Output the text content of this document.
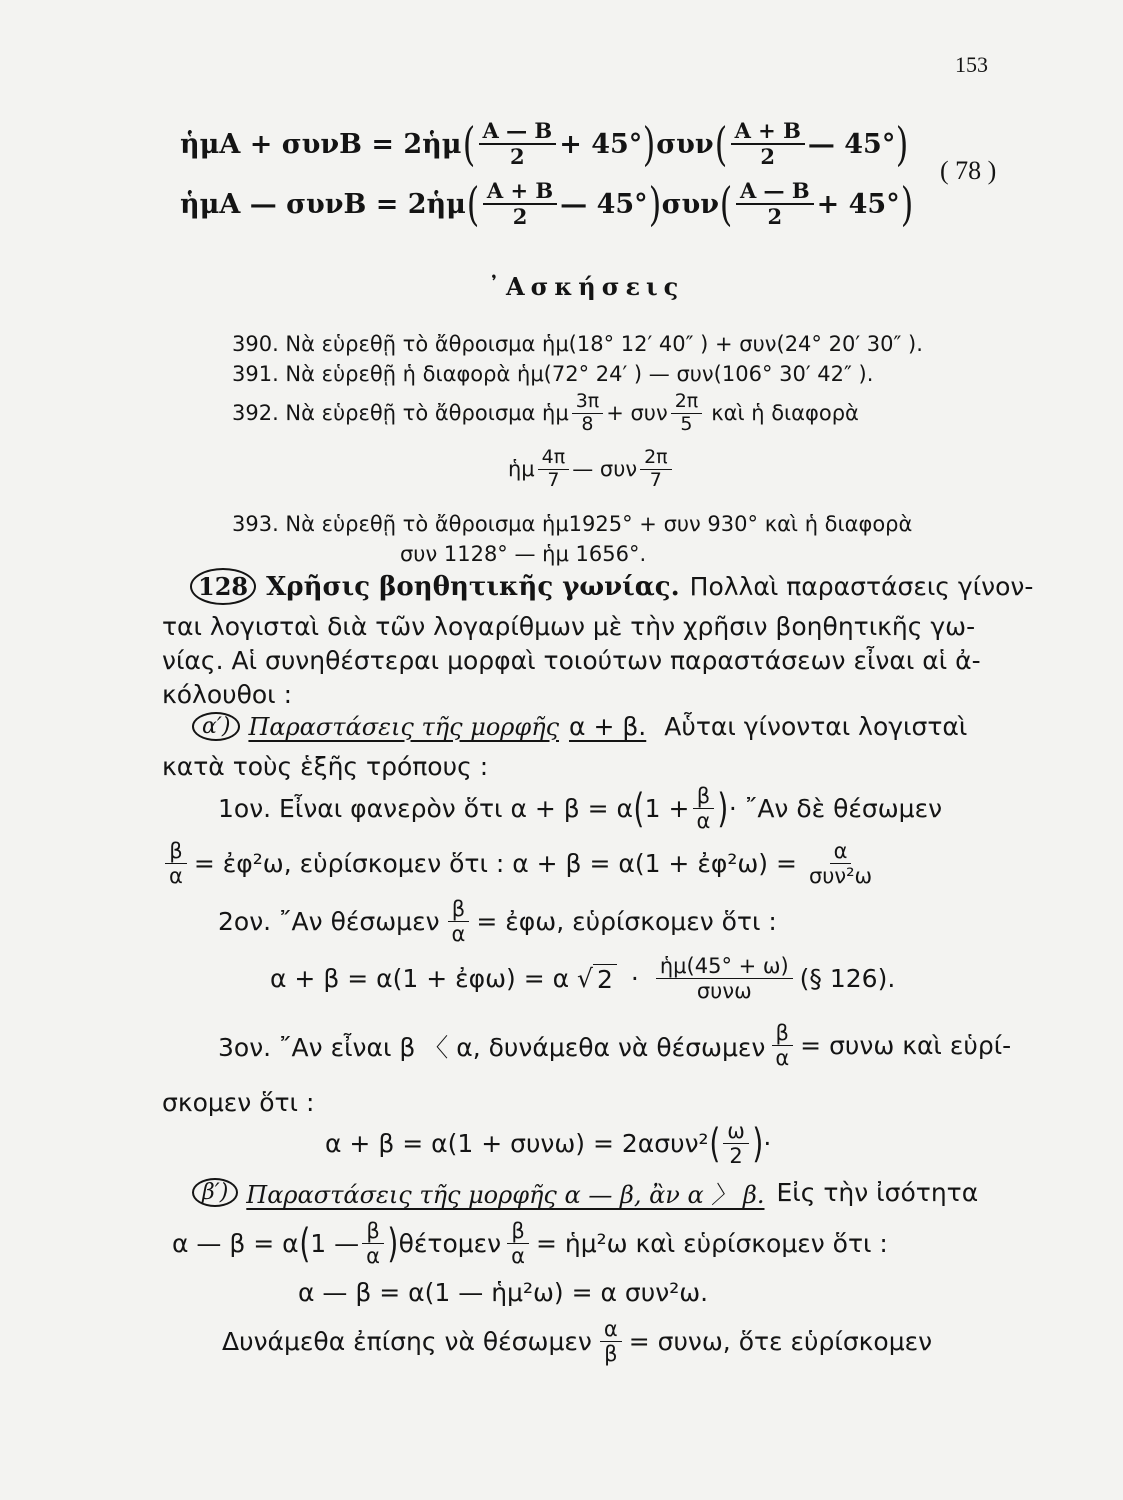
153
ἡμΑ + συνΒ = 2ἡμ ( $\frac{A — B}{2} + 45^\circ$ ) συν ( $\frac{A + B}{2}$ — 45° )
ἡμΑ — συνΒ = 2ἡμ ( $\frac{A + B}{2}$ — 45° ) συν ( $\frac{A — B}{2} + 45^\circ$ )
( 78 )
᾿Ασκήσεις
390. Νὰ εὑρεθῇ τὸ ἄθροισμα ἡμ(18° 12′ 40″ ) + συν(24° 20′ 30″ ).
391. Νὰ εὑρεθῇ ἡ διαφορὰ ἡμ(72° 24′ ) — συν(106° 30′ 42″ ).
392. Νὰ εὑρεθῇ τὸ ἄθροισμα ἡμ $\frac{3\pi}{8} + \sigma\upsilon\nu \frac{2\pi}{5}$ καὶ ἡ διαφορὰ
ἡμ $\frac{4\pi}{7}$ — συν $\frac{2\pi}{7}$
393. Νὰ εὑρεθῇ τὸ ἄθροισμα ἡμ1925° + συν 930° καὶ ἡ διαφορὰ
συν 1128° — ἡμ 1656°.
128 Χρῆσις βοηθητικῆς γωνίας. Πολλαὶ παραστάσεις γίνον-
ται λογισταὶ διὰ τῶν λογαρίθμων μὲ τὴν χρῆσιν βοηθητικῆς γω-
νίας. Αἱ συνηθέστεραι μορφαὶ τοιούτων παραστάσεων εἶναι αἱ ἀ-
κόλουθοι :
α′) Παραστάσεις τῆς μορφῆς α + β. Αὗται γίνονται λογισταὶ
κατὰ τοὺς ἑξῆς τρόπους :
1ον. Εἶναι φανερὸν ὅτι α + β = α ( $1 + \frac{\beta}{\alpha}$ ) · ῎Αν δὲ θέσωμεν
$\frac{\beta}{\alpha}$ = ἐφ²ω, εὑρίσκομεν ὅτι : α + β = α(1 + ἐφ²ω) = $\frac{\alpha}{\text{συν²ω}}$
2ον. ῎Αν θέσωμεν $\frac{\beta}{\alpha}$ = ἐφω, εὑρίσκομεν ὅτι :
α + β = α(1 + ἐφω) = α √ $2 \cdot \frac{\text{ἡμ(45° + ω)}}{\text{συνω}}$ (§ 126).
3ον. ῎Αν εἶναι β 〈 α, δυνάμεθα νὰ θέσωμεν $\frac{\beta}{\alpha} = \sigma\upsilon\nu\omega$ καὶ εὑρί-
σκομεν ὅτι :
α + β = α(1 + συνω) = 2ασυν² ( $\frac{\omega}{2}$ ) ·
β′) Παραστάσεις τῆς μορφῆς α — β, ἂν α 〉 β. Εἰς τὴν ἰσότητα
α — β = α ( 1 — $\frac{\beta}{\alpha}$ ) θέτομεν $\frac{\beta}{\alpha}$ = ἡμ²ω καὶ εὑρίσκομεν ὅτι :
α — β = α(1 — ἡμ²ω) = α συν²ω.
Δυνάμεθα ἐπίσης νὰ θέσωμεν $\frac{\alpha}{\beta} = \sigma\upsilon\nu\omega$, ὅτε εὑρίσκομεν
